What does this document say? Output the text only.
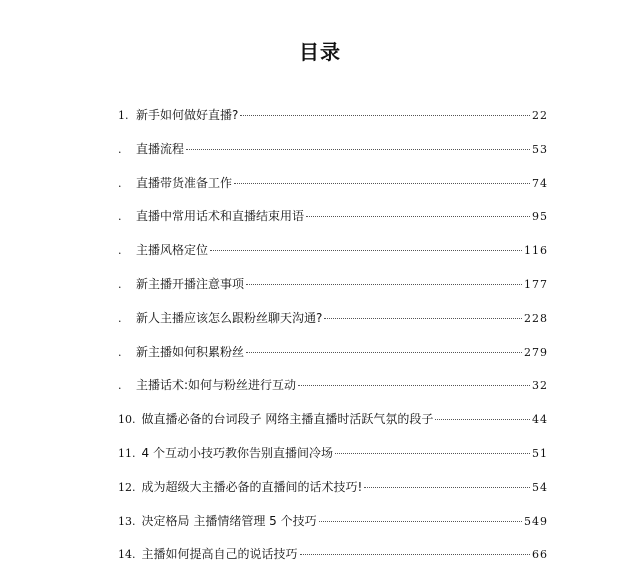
目录
1. 新手如何做好直播?	22
.	直播流程	53
.	直播带货准备工作	74
.	直播中常用话术和直播结束用语	95
.	主播风格定位	116
.	新主播开播注意事项	177
.	新人主播应该怎么跟粉丝聊天沟通?	228
.	新主播如何积累粉丝	279
.	主播话术:如何与粉丝进行互动	32
10. 做直播必备的台词段子 网络主播直播时活跃气氛的段子	44
11. 4 个互动小技巧教你告别直播间冷场	51
12. 成为超级大主播必备的直播间的话术技巧!	54
13. 决定格局 主播情绪管理 5 个技巧	549
14. 主播如何提高自己的说话技巧	66
